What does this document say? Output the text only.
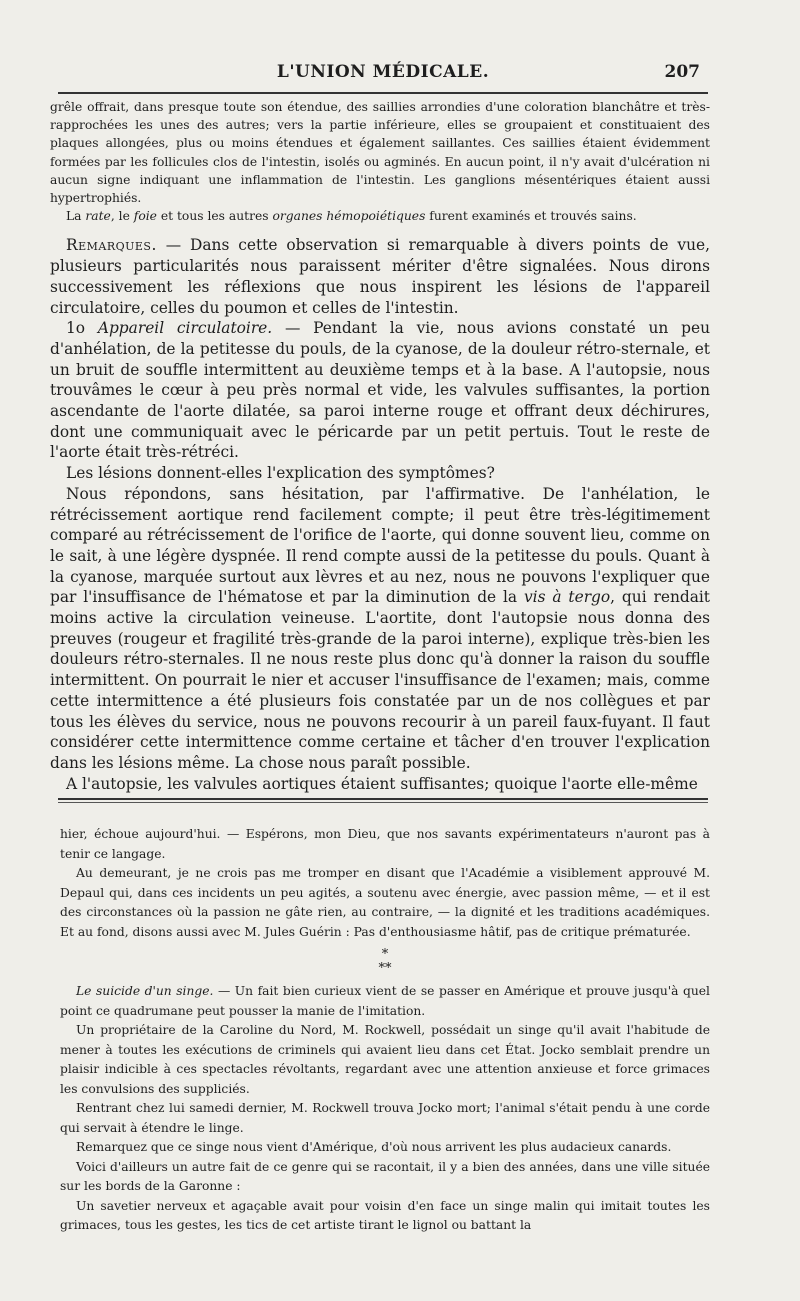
L'UNION MÉDICALE.	207

grêle offrait, dans presque toute son étendue, des saillies arrondies d'une coloration blanchâtre et très-rapprochées les unes des autres; vers la partie inférieure, elles se groupaient et constituaient des plaques allongées, plus ou moins étendues et également saillantes. Ces saillies étaient évidemment formées par les follicules clos de l'intestin, isolés ou agminés. En aucun point, il n'y avait d'ulcération ni aucun signe indiquant une inflammation de l'intestin. Les ganglions mésentériques étaient aussi hypertrophiés.

La rate, le foie et tous les autres organes hémopoiétiques furent examinés et trouvés sains.

Remarques. — Dans cette observation si remarquable à divers points de vue, plusieurs particularités nous paraissent mériter d'être signalées. Nous dirons successivement les réflexions que nous inspirent les lésions de l'appareil circulatoire, celles du poumon et celles de l'intestin.

1o Appareil circulatoire. — Pendant la vie, nous avions constaté un peu d'anhélation, de la petitesse du pouls, de la cyanose, de la douleur rétro-sternale, et un bruit de souffle intermittent au deuxième temps et à la base. A l'autopsie, nous trouvâmes le cœur à peu près normal et vide, les valvules suffisantes, la portion ascendante de l'aorte dilatée, sa paroi interne rouge et offrant deux déchirures, dont une communiquait avec le péricarde par un petit pertuis. Tout le reste de l'aorte était très-rétréci.

Les lésions donnent-elles l'explication des symptômes?

Nous répondons, sans hésitation, par l'affirmative. De l'anhélation, le rétrécissement aortique rend facilement compte; il peut être très-légitimement comparé au rétrécissement de l'orifice de l'aorte, qui donne souvent lieu, comme on le sait, à une légère dyspnée. Il rend compte aussi de la petitesse du pouls. Quant à la cyanose, marquée surtout aux lèvres et au nez, nous ne pouvons l'expliquer que par l'insuffisance de l'hématose et par la diminution de la vis à tergo, qui rendait moins active la circulation veineuse. L'aortite, dont l'autopsie nous donna des preuves (rougeur et fragilité très-grande de la paroi interne), explique très-bien les douleurs rétro-sternales. Il ne nous reste plus donc qu'à donner la raison du souffle intermittent. On pourrait le nier et accuser l'insuffisance de l'examen; mais, comme cette intermittence a été plusieurs fois constatée par un de nos collègues et par tous les élèves du service, nous ne pouvons recourir à un pareil faux-fuyant. Il faut considérer cette intermittence comme certaine et tâcher d'en trouver l'explication dans les lésions même. La chose nous paraît possible.

A l'autopsie, les valvules aortiques étaient suffisantes; quoique l'aorte elle-même

hier, échoue aujourd'hui. — Espérons, mon Dieu, que nos savants expérimentateurs n'auront pas à tenir ce langage.

Au demeurant, je ne crois pas me tromper en disant que l'Académie a visiblement approuvé M. Depaul qui, dans ces incidents un peu agités, a soutenu avec énergie, avec passion même, — et il est des circonstances où la passion ne gâte rien, au contraire, — la dignité et les traditions académiques. Et au fond, disons aussi avec M. Jules Guérin : Pas d'enthousiasme hâtif, pas de critique prématurée.

*
**

Le suicide d'un singe. — Un fait bien curieux vient de se passer en Amérique et prouve jusqu'à quel point ce quadrumane peut pousser la manie de l'imitation.

Un propriétaire de la Caroline du Nord, M. Rockwell, possédait un singe qu'il avait l'habitude de mener à toutes les exécutions de criminels qui avaient lieu dans cet État. Jocko semblait prendre un plaisir indicible à ces spectacles révoltants, regardant avec une attention anxieuse et force grimaces les convulsions des suppliciés.

Rentrant chez lui samedi dernier, M. Rockwell trouva Jocko mort; l'animal s'était pendu à une corde qui servait à étendre le linge.

Remarquez que ce singe nous vient d'Amérique, d'où nous arrivent les plus audacieux canards.

Voici d'ailleurs un autre fait de ce genre qui se racontait, il y a bien des années, dans une ville située sur les bords de la Garonne :

Un savetier nerveux et agaçable avait pour voisin d'en face un singe malin qui imitait toutes les grimaces, tous les gestes, les tics de cet artiste tirant le lignol ou battant la
